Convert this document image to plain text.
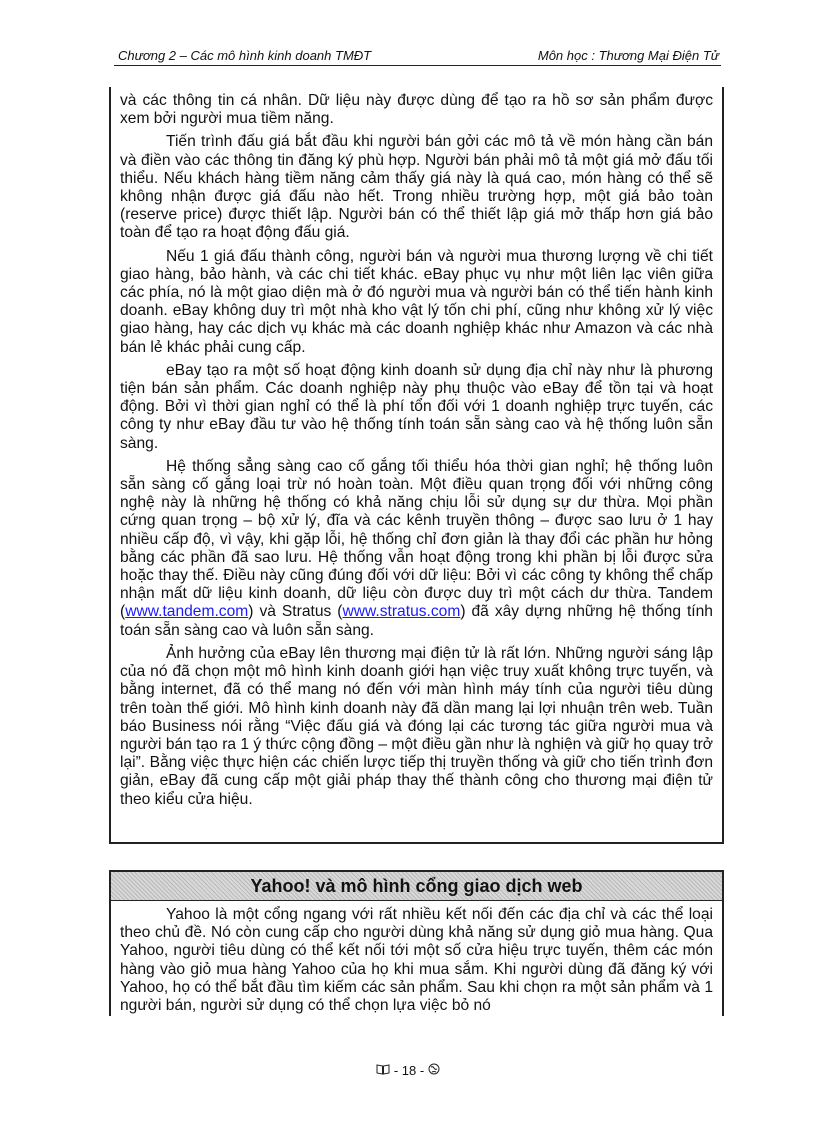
Chương 2 – Các mô hình kinh doanh TMĐT	Môn học : Thương Mại Điện Tử

và các thông tin cá nhân. Dữ liệu này được dùng để tạo ra hồ sơ sản phẩm được xem bởi người mua tiềm năng.

Tiến trình đấu giá bắt đầu khi người bán gởi các mô tả về món hàng cần bán và điền vào các thông tin đăng ký phù hợp. Người bán phải mô tả một giá mở đấu tối thiểu. Nếu khách hàng tiềm năng cảm thấy giá này là quá cao, món hàng có thể sẽ không nhận được giá đấu nào hết. Trong nhiều trường hợp, một giá bảo toàn (reserve price) được thiết lập. Người bán có thể thiết lập giá mở thấp hơn giá bảo toàn để tạo ra hoạt động đấu giá.

Nếu 1 giá đấu thành công, người bán và người mua thương lượng về chi tiết giao hàng, bảo hành, và các chi tiết khác. eBay phục vụ như một liên lạc viên giữa các phía, nó là một giao diện mà ở đó người mua và người bán có thể tiến hành kinh doanh. eBay không duy trì một nhà kho vật lý tốn chi phí, cũng như không xử lý việc giao hàng, hay các dịch vụ khác mà các doanh nghiệp khác như Amazon và các nhà bán lẻ khác phải cung cấp.

eBay tạo ra một số hoạt động kinh doanh sử dụng địa chỉ này như là phương tiện bán sản phẩm. Các doanh nghiệp này phụ thuộc vào eBay để tồn tại và hoạt động. Bởi vì thời gian nghỉ có thể là phí tổn đối với 1 doanh nghiệp trực tuyến, các công ty như eBay đầu tư vào hệ thống tính toán sẵn sàng cao và hệ thống luôn sẵn sàng.

Hệ thống sẳng sàng cao cố gắng tối thiểu hóa thời gian nghỉ; hệ thống luôn sẵn sàng cố gắng loại trừ nó hoàn toàn. Một điều quan trọng đối với những công nghệ này là những hệ thống có khả năng chịu lỗi sử dụng sự dư thừa. Mọi phần cứng quan trọng – bộ xử lý, đĩa và các kênh truyền thông – được sao lưu ở 1 hay nhiều cấp độ, vì vậy, khi gặp lỗi, hệ thống chỉ đơn giản là thay đổi các phần hư hỏng bằng các phần đã sao lưu. Hệ thống vẫn hoạt động trong khi phần bị lỗi được sửa hoặc thay thế. Điều này cũng đúng đối với dữ liệu: Bởi vì các công ty không thể chấp nhận mất dữ liệu kinh doanh, dữ liệu còn được duy trì một cách dư thừa. Tandem (www.tandem.com) và Stratus (www.stratus.com) đã xây dựng những hệ thống tính toán sẵn sàng cao và luôn sẵn sàng.

Ảnh hưởng của eBay lên thương mại điện tử là rất lớn. Những người sáng lập của nó đã chọn một mô hình kinh doanh giới hạn việc truy xuất không trực tuyến, và bằng internet, đã có thể mang nó đến với màn hình máy tính của người tiêu dùng trên toàn thế giới. Mô hình kinh doanh này đã dần mang lại lợi nhuận trên web. Tuần báo Business nói rằng “Việc đấu giá và đóng lại các tương tác giữa người mua và người bán tạo ra 1 ý thức cộng đồng – một điều gần như là nghiện và giữ họ quay trở lại”. Bằng việc thực hiện các chiến lược tiếp thị truyền thống và giữ cho tiến trình đơn giản, eBay đã cung cấp một giải pháp thay thế thành công cho thương mại điện tử theo kiểu cửa hiệu.

Yahoo! và mô hình cổng giao dịch web

Yahoo là một cổng ngang với rất nhiều kết nối đến các địa chỉ và các thể loại theo chủ đề. Nó còn cung cấp cho người dùng khả năng sử dụng giỏ mua hàng. Qua Yahoo, người tiêu dùng có thể kết nối tới một số cửa hiệu trực tuyến, thêm các món hàng vào giỏ mua hàng Yahoo của họ khi mua sắm. Khi người dùng đã đăng ký với Yahoo, họ có thể bắt đầu tìm kiếm các sản phẩm. Sau khi chọn ra một sản phẩm và 1 người bán, người sử dụng có thể chọn lựa việc bỏ nó

- 18 -
